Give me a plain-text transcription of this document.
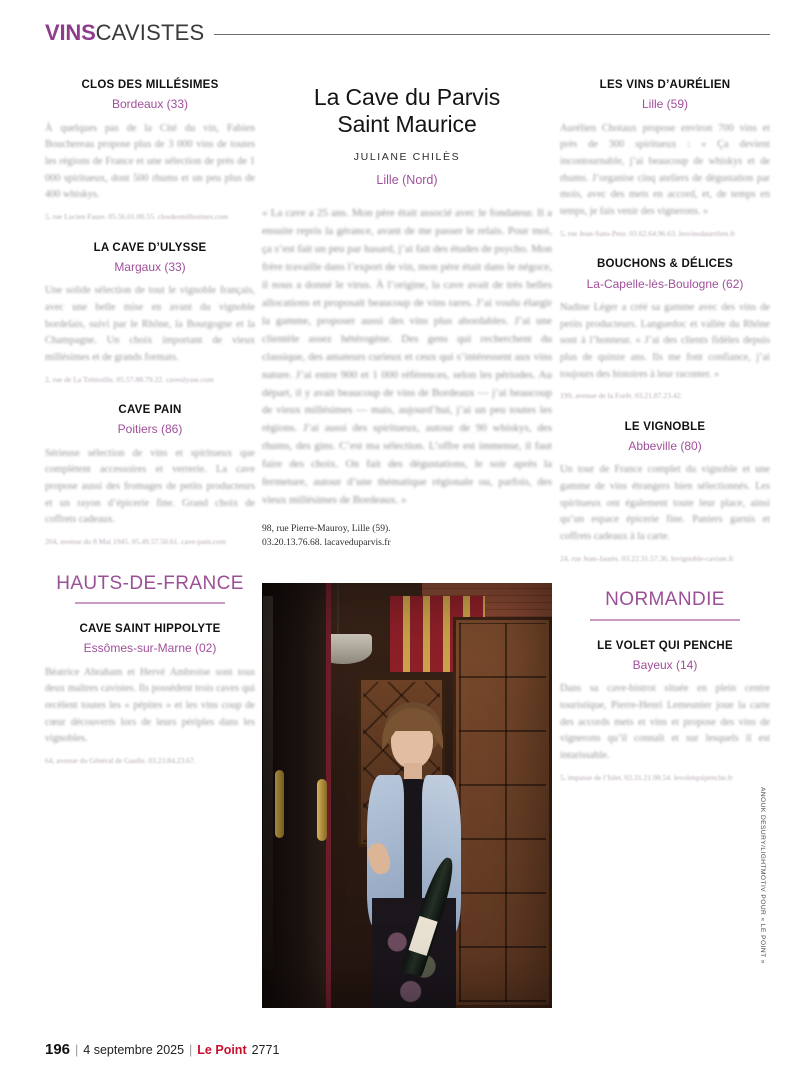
VINSCAVISTES
CLOS DES MILLÉSIMES
Bordeaux (33)

À quelques pas de la Cité du vin, Fabien Bouchereau propose plus de 3 000 vins de toutes les régions de France et une sélection de près de 1 000 spiritueux, dont 500 rhums et un peu plus de 400 whiskys.

5, rue Lucien Faure. 05.56.01.00.55. closdesmillesimes.com

LA CAVE D’ULYSSE
Margaux (33)

Une solide sélection de tout le vignoble français, avec une belle mise en avant du vignoble bordelais, suivi par le Rhône, la Bourgogne et la Champagne. Un choix important de vieux millésimes et de grands formats.

2, rue de La Trémoille. 05.57.88.79.22. caveulysse.com

CAVE PAIN
Poitiers (86)

Sérieuse sélection de vins et spiritueux que complètent accessoires et verrerie. La cave propose aussi des fromages de petits producteurs et un rayon d’épicerie fine. Grand choix de coffrets cadeaux.

204, avenue du 8 Mai 1945. 05.49.57.50.61. cave-pain.com

HAUTS-DE-FRANCE
CAVE SAINT HIPPOLYTE
Essômes-sur-Marne (02)

Béatrice Abraham et Hervé Ambroise sont tous deux maîtres cavistes. Ils possèdent trois caves qui recèlent toutes les « pépites » et les vins coup de cœur découverts lors de leurs périples dans les vignobles.

64, avenue du Général de Gaulle. 03.23.84.23.67.

La Cave du Parvis
Saint Maurice
JULIANE CHILÈS
Lille (Nord)

« La cave a 25 ans. Mon père était associé avec le fondateur. Il a ensuite repris la gérance, avant de me passer le relais. Pour moi, ça s’est fait un peu par hasard, j’ai fait des études de psycho. Mon frère travaille dans l’export de vin, mon père était dans le négoce, il nous a donné le virus. À l’origine, la cave avait de très belles allocations et proposait beaucoup de vins rares. J’ai voulu élargir la gamme, proposer aussi des vins plus abordables. J’ai une clientèle assez hétérogène. Des gens qui recherchent du classique, des amateurs curieux et ceux qui s’intéressent aux vins nature. J’ai entre 900 et 1 000 références, selon les périodes. Au départ, il y avait beaucoup de vins de Bordeaux — j’ai beaucoup de vieux millésimes — mais, aujourd’hui, j’ai un peu toutes les régions. J’ai aussi des spiritueux, autour de 90 whiskys, des rhums, des gins. C’est ma sélection. L’offre est immense, il faut faire des choix. On fait des dégustations, le soir après la fermeture, autour d’une thématique régionale ou, parfois, des vieux millésimes de Bordeaux. »

98, rue Pierre-Mauroy, Lille (59).
03.20.13.76.68. lacaveduparvis.fr

ANOUK DESURY/LIGHTMOTIV POUR « LE POINT »
LES VINS D’AURÉLIEN
Lille (59)

Aurélien Chotaux propose environ 700 vins et près de 300 spiritueux : « Ça devient incontournable, j’ai beaucoup de whiskys et de rhums. J’organise cinq ateliers de dégustation par mois, avec des mets en accord, et, de temps en temps, je fais venir des vignerons. »

5, rue Jean-Sans-Peur. 03.62.64.96.63. lesvinsdaurelien.fr

BOUCHONS & DÉLICES
La-Capelle-lès-Boulogne (62)

Nadine Léger a créé sa gamme avec des vins de petits producteurs. Languedoc et vallée du Rhône sont à l’honneur. « J’ai des clients fidèles depuis plus de quinze ans. Ils me font confiance, j’ai toujours des histoires à leur raconter. »

199, avenue de la Forêt. 03.21.87.23.42.

LE VIGNOBLE
Abbeville (80)

Un tour de France complet du vignoble et une gamme de vins étrangers bien sélectionnés. Les spiritueux ont également toute leur place, ainsi qu’un espace épicerie fine. Paniers garnis et coffrets cadeaux à la carte.

24, rue Jean-Jaurès. 03.22.31.57.36. levignoble-caviste.fr

NORMANDIE
LE VOLET QUI PENCHE
Bayeux (14)

Dans sa cave-bistrot située en plein centre touristique, Pierre-Henri Lemeunier joue la carte des accords mets et vins et propose des vins de vignerons qu’il connaît et sur lesquels il est intarissable.

5, impasse de l’Islet. 02.31.21.98.54. levoletquipenche.fr

196 | 4 septembre 2025 | Le Point 2771
